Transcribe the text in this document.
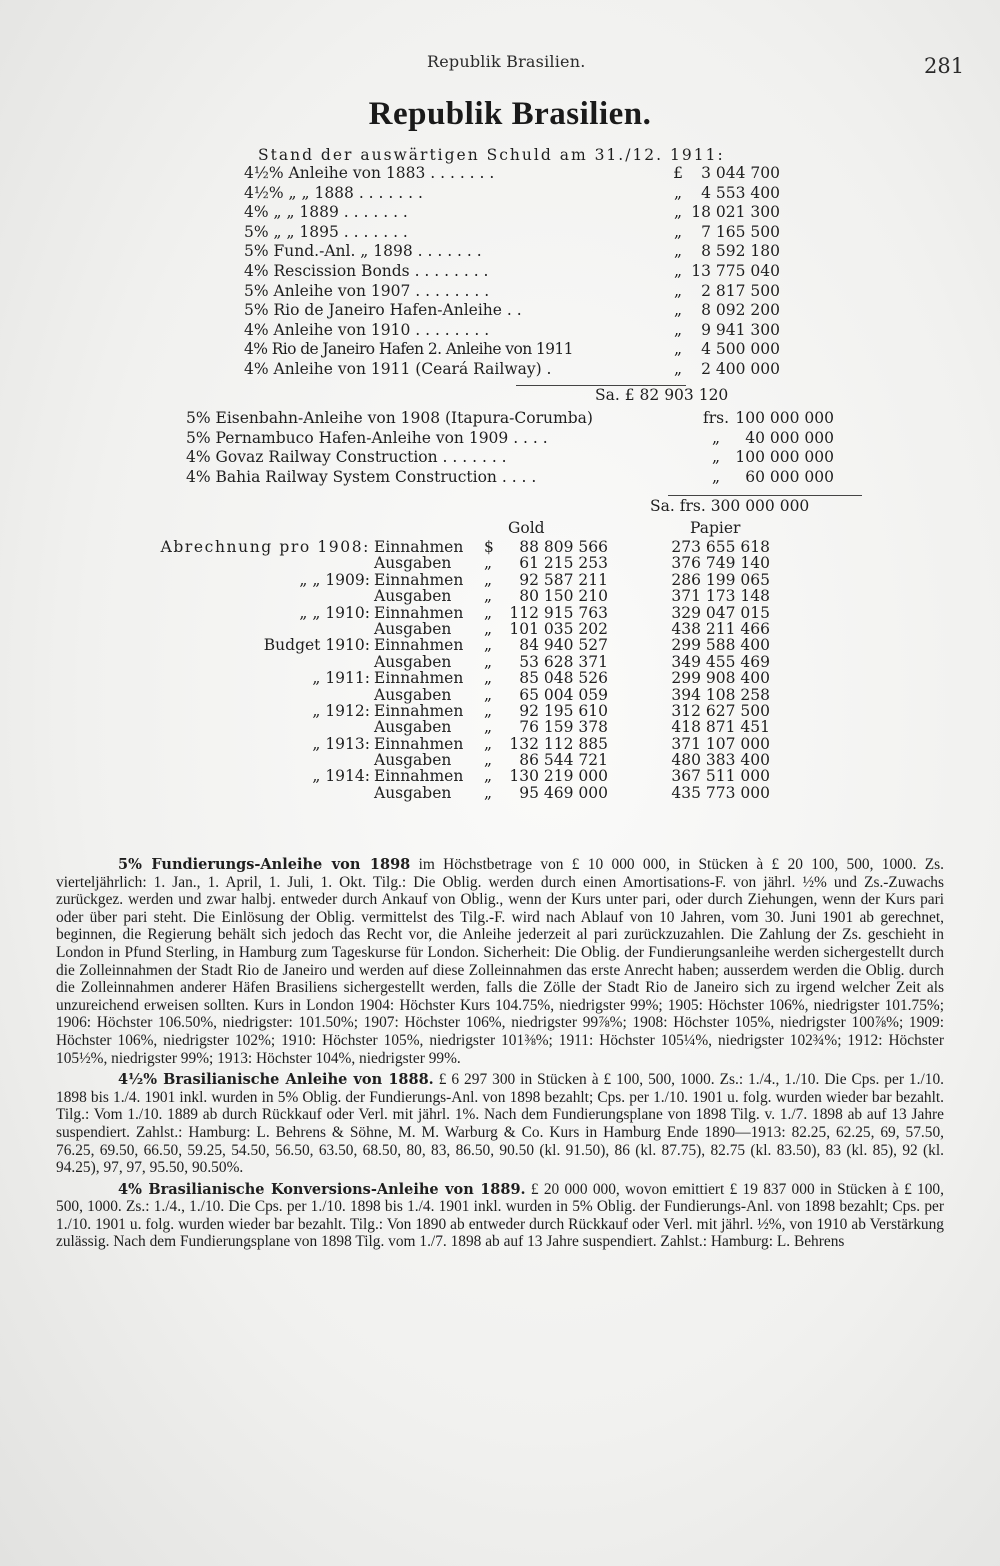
Republik Brasilien.	281
Republik Brasilien.
Stand der auswärtigen Schuld am 31./12. 1911:
4½% Anleihe von 1883 . . . . . . .	£	3 044 700
4½% „ „ 1888 . . . . . . .	„	4 553 400
4% „ „ 1889 . . . . . . .	„ 18 021 300
5% „ „ 1895 . . . . . . .	„	7 165 500
5% Fund.-Anl. „ 1898 . . . . . . .	„	8 592 180
4% Rescission Bonds . . . . . . . .	„ 13 775 040
5% Anleihe von 1907 . . . . . . . .	„	2 817 500
5% Rio de Janeiro Hafen-Anleihe . .	„	8 092 200
4% Anleihe von 1910 . . . . . . . .	„	9 941 300
4% Rio de Janeiro Hafen 2. Anleihe von 1911	„	4 500 000
4% Anleihe von 1911 (Ceará Railway) .	„	2 400 000
Sa. £ 82 903 120
5% Eisenbahn-Anleihe von 1908 (Itapura-Corumba)	frs. 100 000 000
5% Pernambuco Hafen-Anleihe von 1909 . . . .	„	40 000 000
4% Govaz Railway Construction . . . . . . .	„ 100 000 000
4% Bahia Railway System Construction . . . .	„	60 000 000
Sa. frs. 300 000 000
Gold	Papier
Abrechnung pro 1908: Einnahmen $	88 809 566	273 655 618
Ausgaben „	61 215 253	376 749 140
„ „ 1909: Einnahmen „	92 587 211	286 199 065
Ausgaben „	80 150 210	371 173 148
„ „ 1910: Einnahmen „	112 915 763	329 047 015
Ausgaben „	101 035 202	438 211 466
Budget 1910: Einnahmen „	84 940 527	299 588 400
Ausgaben „	53 628 371	349 455 469
„ 1911: Einnahmen „	85 048 526	299 908 400
Ausgaben „	65 004 059	394 108 258
„ 1912: Einnahmen „	92 195 610	312 627 500
Ausgaben „	76 159 378	418 871 451
„ 1913: Einnahmen „	132 112 885	371 107 000
Ausgaben „	86 544 721	480 383 400
„ 1914: Einnahmen „	130 219 000	367 511 000
Ausgaben „	95 469 000	435 773 000

5% Fundierungs-Anleihe von 1898 im Höchstbetrage von £ 10 000 000, in Stücken à £ 20 100, 500, 1000. Zs. vierteljährlich: 1. Jan., 1. April, 1. Juli, 1. Okt. Tilg.: Die Oblig. werden durch einen Amortisations-F. von jährl. ½% und Zs.-Zuwachs zurückgez. werden und zwar halbj. entweder durch Ankauf von Oblig., wenn der Kurs unter pari, oder durch Ziehungen, wenn der Kurs pari oder über pari steht. Die Einlösung der Oblig. vermittelst des Tilg.-F. wird nach Ablauf von 10 Jahren, vom 30. Juni 1901 ab gerechnet, beginnen, die Regierung behält sich jedoch das Recht vor, die Anleihe jederzeit al pari zurückzuzahlen. Die Zahlung der Zs. geschieht in London in Pfund Sterling, in Hamburg zum Tageskurse für London. Sicherheit: Die Oblig. der Fundierungsanleihe werden sichergestellt durch die Zolleinnahmen der Stadt Rio de Janeiro und werden auf diese Zolleinnahmen das erste Anrecht haben; ausserdem werden die Oblig. durch die Zolleinnahmen anderer Häfen Brasiliens sichergestellt werden, falls die Zölle der Stadt Rio de Janeiro sich zu irgend welcher Zeit als unzureichend erweisen sollten. Kurs in London 1904: Höchster Kurs 104.75%, niedrigster 99%; 1905: Höchster 106%, niedrigster 101.75%; 1906: Höchster 106.50%, niedrigster: 101.50%; 1907: Höchster 106%, niedrigster 99⅞%; 1908: Höchster 105%, niedrigster 100⅞%; 1909: Höchster 106%, niedrigster 102%; 1910: Höchster 105%, niedrigster 101⅜%; 1911: Höchster 105¼%, niedrigster 102¾%; 1912: Höchster 105½%, niedrigster 99%; 1913: Höchster 104%, niedrigster 99%.

4½% Brasilianische Anleihe von 1888. £ 6 297 300 in Stücken à £ 100, 500, 1000. Zs.: 1./4., 1./10. Die Cps. per 1./10. 1898 bis 1./4. 1901 inkl. wurden in 5% Oblig. der Fundierungs-Anl. von 1898 bezahlt; Cps. per 1./10. 1901 u. folg. wurden wieder bar bezahlt. Tilg.: Vom 1./10. 1889 ab durch Rückkauf oder Verl. mit jährl. 1%. Nach dem Fundierungsplane von 1898 Tilg. v. 1./7. 1898 ab auf 13 Jahre suspendiert. Zahlst.: Hamburg: L. Behrens & Söhne, M. M. Warburg & Co. Kurs in Hamburg Ende 1890—1913: 82.25, 62.25, 69, 57.50, 76.25, 69.50, 66.50, 59.25, 54.50, 56.50, 63.50, 68.50, 80, 83, 86.50, 90.50 (kl. 91.50), 86 (kl. 87.75), 82.75 (kl. 83.50), 83 (kl. 85), 92 (kl. 94.25), 97, 97, 95.50, 90.50%.

4% Brasilianische Konversions-Anleihe von 1889. £ 20 000 000, wovon emittiert £ 19 837 000 in Stücken à £ 100, 500, 1000. Zs.: 1./4., 1./10. Die Cps. per 1./10. 1898 bis 1./4. 1901 inkl. wurden in 5% Oblig. der Fundierungs-Anl. von 1898 bezahlt; Cps. per 1./10. 1901 u. folg. wurden wieder bar bezahlt. Tilg.: Von 1890 ab entweder durch Rückkauf oder Verl. mit jährl. ½%, von 1910 ab Verstärkung zulässig. Nach dem Fundierungsplane von 1898 Tilg. vom 1./7. 1898 ab auf 13 Jahre suspendiert. Zahlst.: Hamburg: L. Behrens
